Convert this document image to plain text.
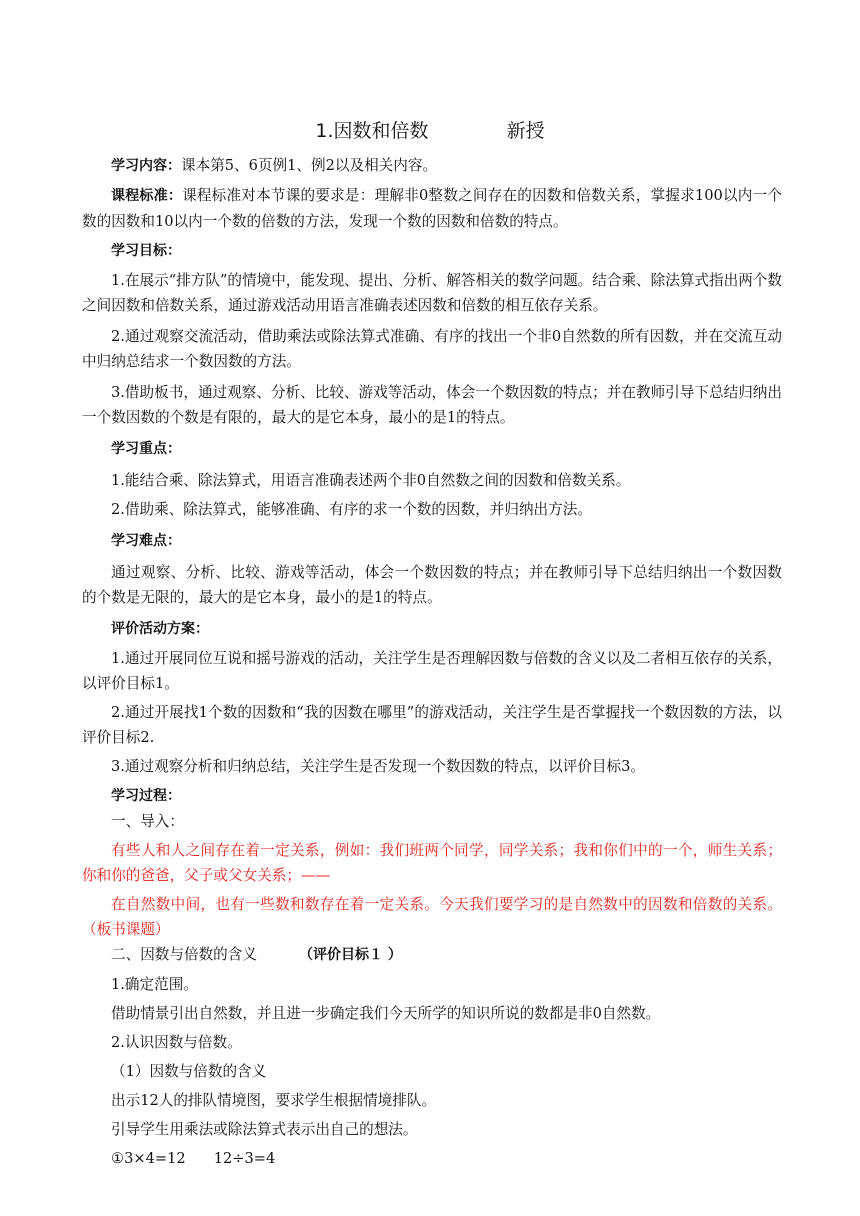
1.因数和倍数	新授

学习内容：课本第5、6页例1、例2以及相关内容。

课程标准：课程标准对本节课的要求是：理解非0整数之间存在的因数和倍数关系，掌握求100以内一个数的因数和10以内一个数的倍数的方法，发现一个数的因数和倍数的特点。

学习目标：

1.在展示“排方队”的情境中，能发现、提出、分析、解答相关的数学问题。结合乘、除法算式指出两个数之间因数和倍数关系，通过游戏活动用语言准确表述因数和倍数的相互依存关系。

2.通过观察交流活动，借助乘法或除法算式准确、有序的找出一个非0自然数的所有因数，并在交流互动中归纳总结求一个数因数的方法。

3.借助板书，通过观察、分析、比较、游戏等活动，体会一个数因数的特点；并在教师引导下总结归纳出一个数因数的个数是有限的，最大的是它本身，最小的是1的特点。

学习重点：

1.能结合乘、除法算式，用语言准确表述两个非0自然数之间的因数和倍数关系。

2.借助乘、除法算式，能够准确、有序的求一个数的因数，并归纳出方法。

学习难点：

通过观察、分析、比较、游戏等活动，体会一个数因数的特点；并在教师引导下总结归纳出一个数因数的个数是无限的，最大的是它本身，最小的是1的特点。

评价活动方案：

1.通过开展同位互说和摇号游戏的活动，关注学生是否理解因数与倍数的含义以及二者相互依存的关系，以评价目标1。

2.通过开展找1个数的因数和“我的因数在哪里”的游戏活动，关注学生是否掌握找一个数因数的方法，以评价目标2.

3.通过观察分析和归纳总结，关注学生是否发现一个数因数的特点，以评价目标3。

学习过程：

一、导入：

有些人和人之间存在着一定关系，例如：我们班两个同学，同学关系；我和你们中的一个，师生关系；你和你的爸爸，父子或父女关系；——

在自然数中间，也有一些数和数存在着一定关系。今天我们要学习的是自然数中的因数和倍数的关系。（板书课题）

二、因数与倍数的含义	（评价目标１ ）

1.确定范围。

借助情景引出自然数，并且进一步确定我们今天所学的知识所说的数都是非0自然数。

2.认识因数与倍数。

（1）因数与倍数的含义

出示12人的排队情境图，要求学生根据情境排队。

引导学生用乘法或除法算式表示出自己的想法。

①3×4=12 12÷3=4
